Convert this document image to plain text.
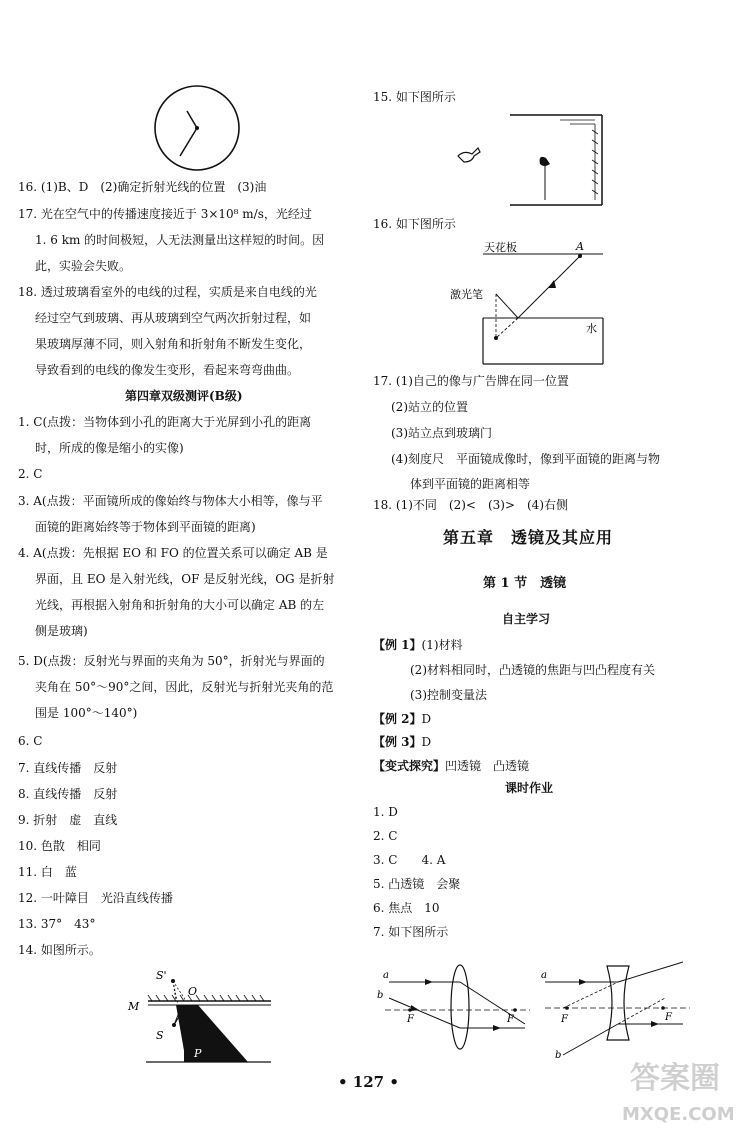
16. (1)B、D　(2)确定折射光线的位置　(3)油
17. 光在空气中的传播速度接近于 3×10⁸ m/s，光经过
1. 6 km 的时间极短，人无法测量出这样短的时间。因
此，实验会失败。
18. 透过玻璃看室外的电线的过程，实质是来自电线的光
经过空气到玻璃、再从玻璃到空气两次折射过程，如
果玻璃厚薄不同，则入射角和折射角不断发生变化，
导致看到的电线的像发生变形，看起来弯弯曲曲。
第四章双级测评(B级)
1. C(点拨：当物体到小孔的距离大于光屏到小孔的距离
时，所成的像是缩小的实像)
2. C
3. A(点拨：平面镜所成的像始终与物体大小相等，像与平
面镜的距离始终等于物体到平面镜的距离)
4. A(点拨：先根据 EO 和 FO 的位置关系可以确定 AB 是
界面，且 EO 是入射光线，OF 是反射光线，OG 是折射
光线，再根据入射角和折射角的大小可以确定 AB 的左
侧是玻璃)
5. D(点拨：反射光与界面的夹角为 50°，折射光与界面的
夹角在 50°～90°之间，因此，反射光与折射光夹角的范
围是 100°～140°)
6. C
7. 直线传播　反射
8. 直线传播　反射
9. 折射　虚　直线
10. 色散　相同
11. 白　蓝
12. 一叶障目　光沿直线传播
13. 37°　43°
14. 如图所示。
S'
O
M
S
P
15. 如下图所示
16. 如下图所示
天花板	A
激光笔
水
17. (1)自己的像与广告牌在同一位置
(2)站立的位置
(3)站立点到玻璃门
(4)刻度尺　平面镜成像时，像到平面镜的距离与物
体到平面镜的距离相等
18. (1)不同　(2)<　(3)>　(4)右侧
第五章　透镜及其应用
第 1 节　透镜
自主学习
【例 1】(1)材料
(2)材料相同时，凸透镜的焦距与凹凸程度有关
(3)控制变量法
【例 2】D
【例 3】D
【变式探究】凹透镜　凸透镜
课时作业
1. D
2. C
3. C　　4. A
5. 凸透镜　会聚
6. 焦点　10
7. 如下图所示
a
b
F	F
a
b
F	F
• 127 •	答案圈
MXQE.COM
